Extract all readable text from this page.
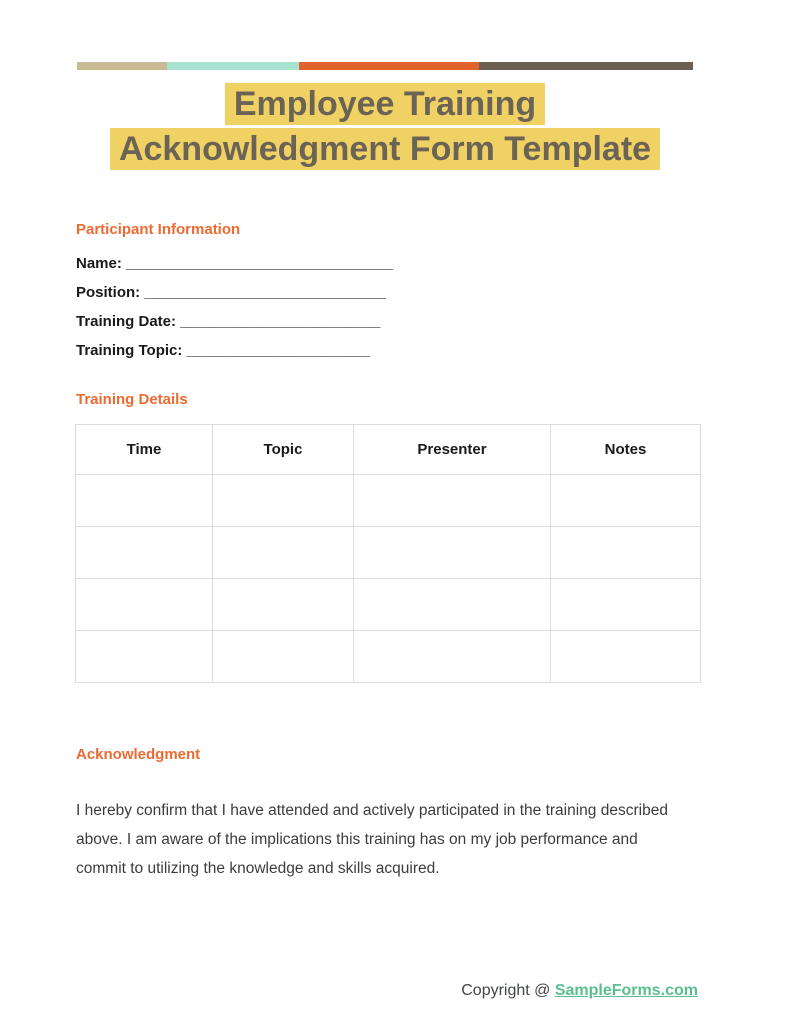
Employee Training
Acknowledgment Form Template
Participant Information
Name: ________________________________
Position: _____________________________
Training Date: ________________________
Training Topic: ______________________
Training Details
Time	Topic	Presenter	Notes

Acknowledgment
I hereby confirm that I have attended and actively participated in the training described
above. I am aware of the implications this training has on my job performance and
commit to utilizing the knowledge and skills acquired.
Copyright @ SampleForms.com
